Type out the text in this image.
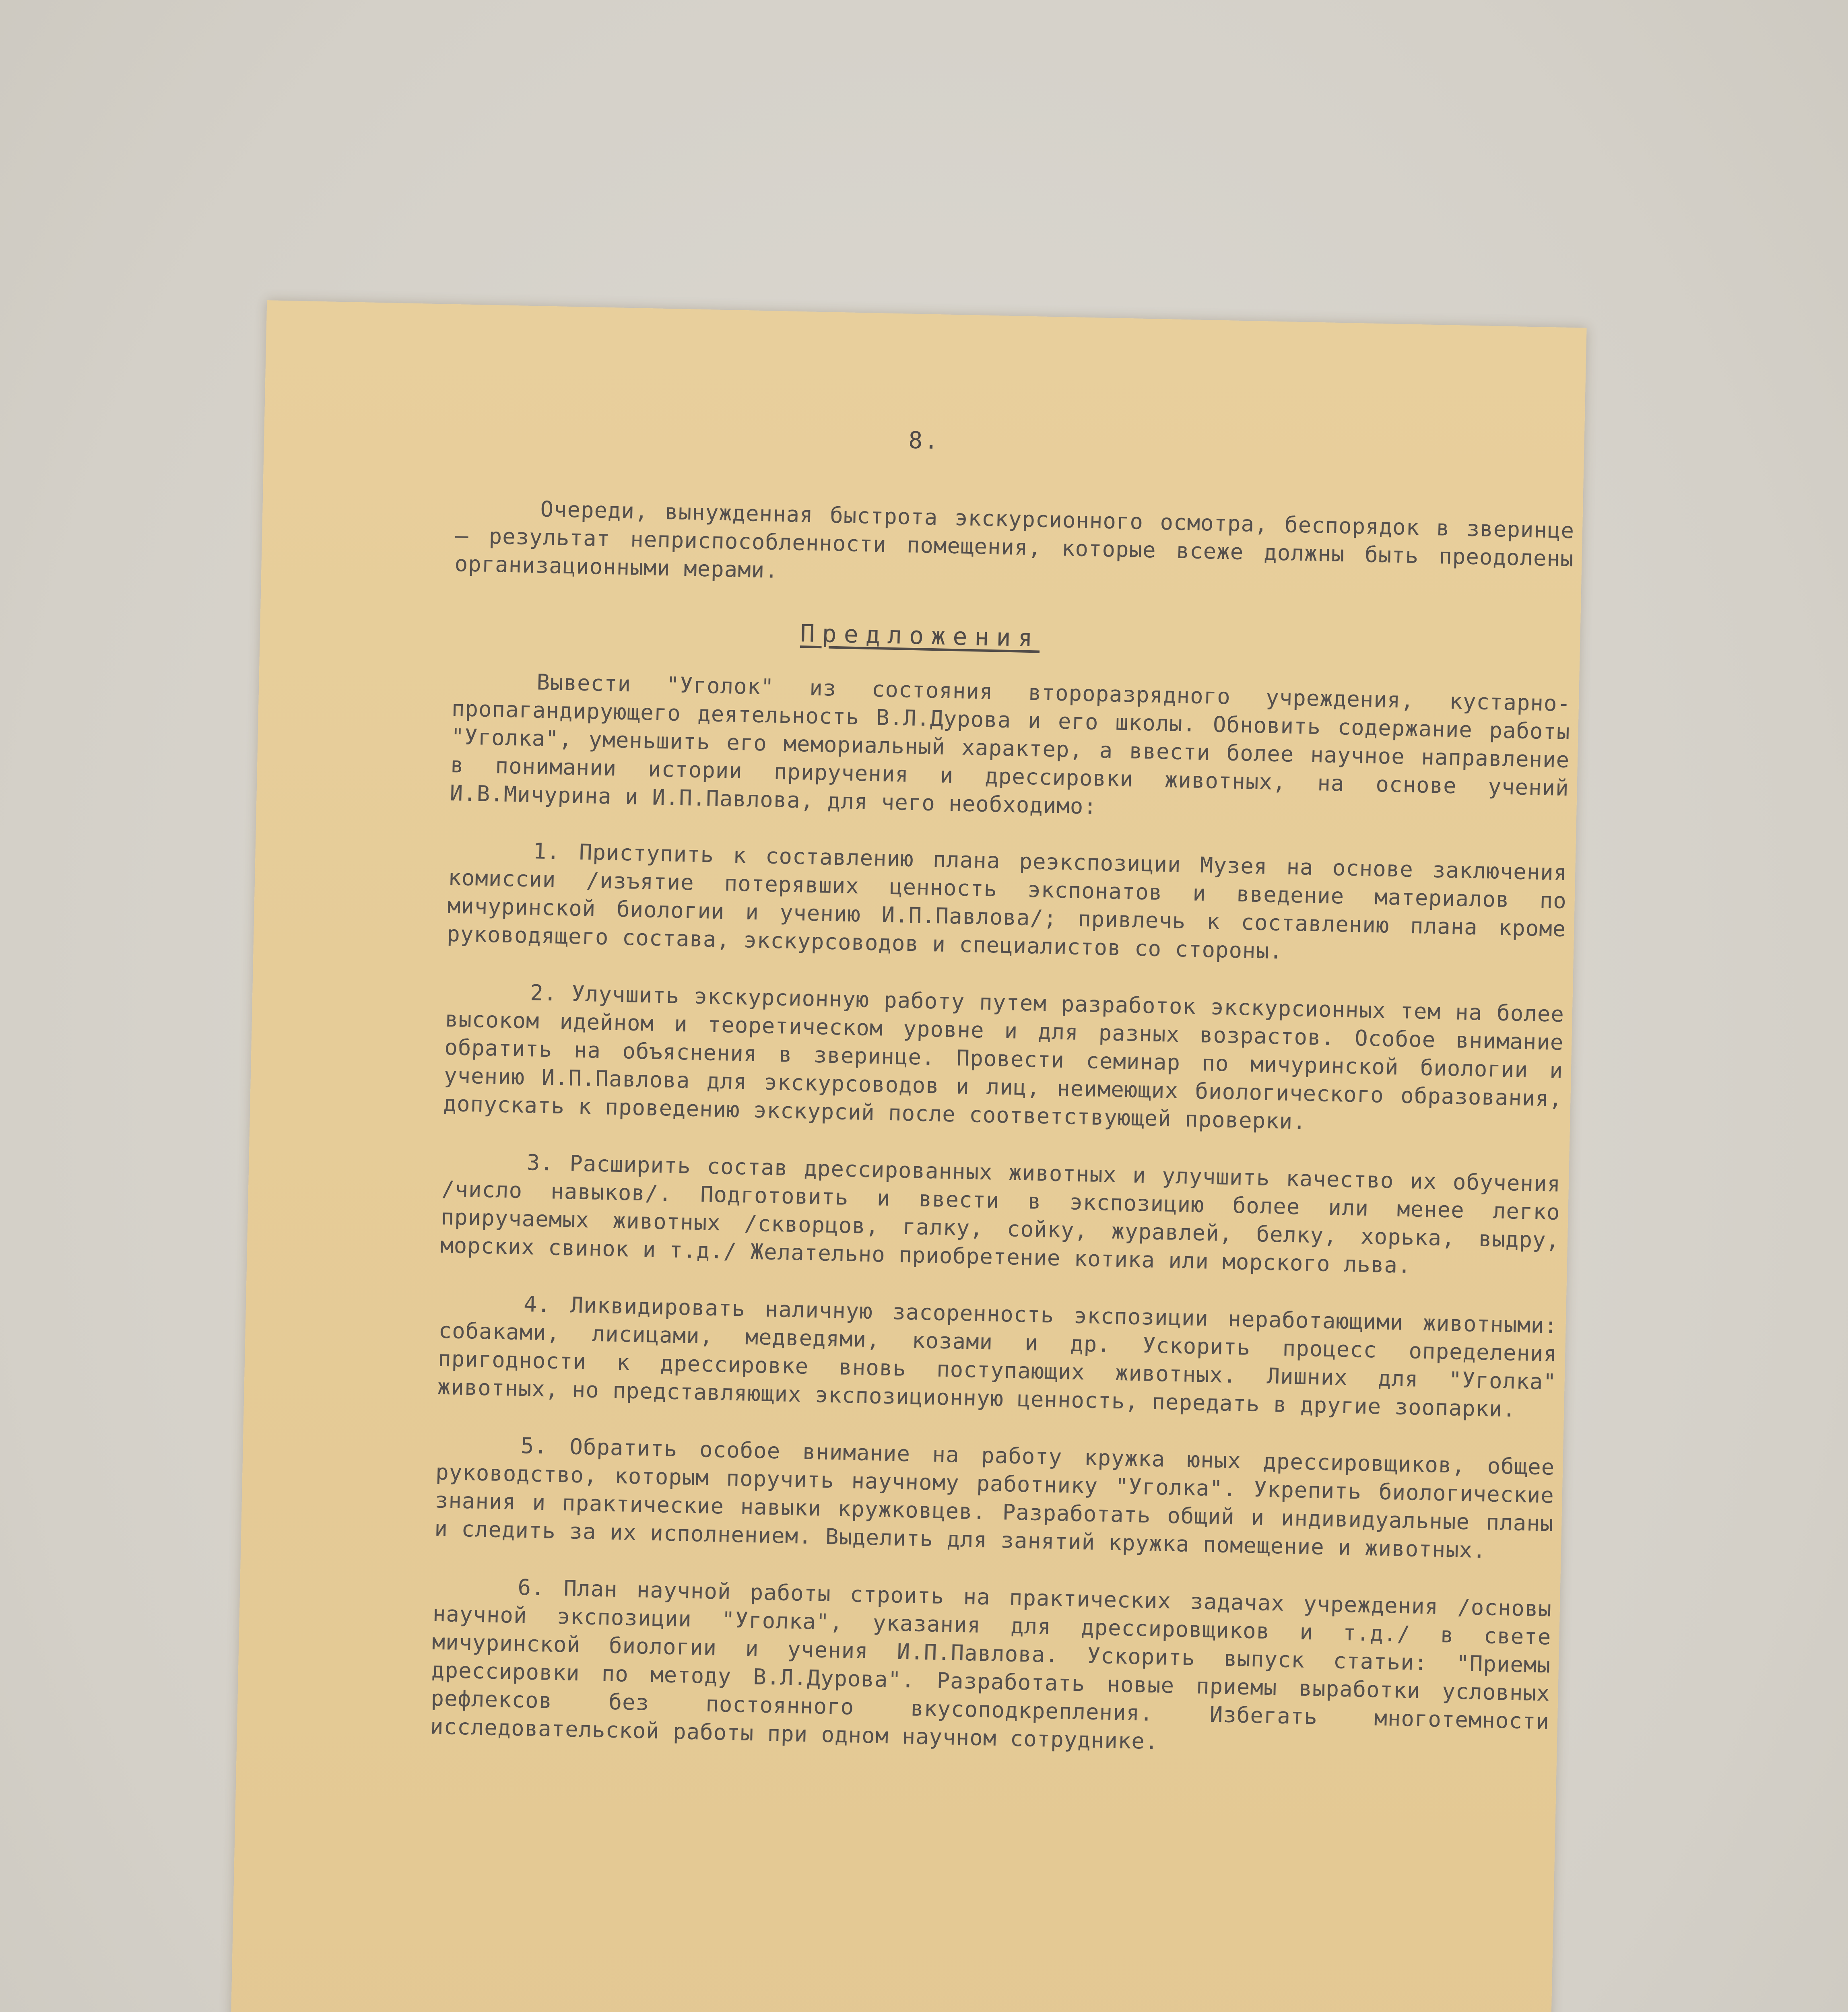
8.
Очереди, вынужденная быстрота экскурсионного осмотра, беспорядок в зверинце – результат неприспособленности помещения, которые всеже должны быть преодолены организационными мерами.
Предложения
Вывести "Уголок" из состояния второразрядного учреждения, кустарно-пропагандирующего деятельность В.Л.Дурова и его школы. Обновить содержание работы "Уголка", уменьшить его мемориальный характер, а ввести более научное направление в понимании истории приручения и дрессировки животных, на основе учений И.В.Мичурина и И.П.Павлова, для чего необходимо:

1. Приступить к составлению плана реэкспозиции Музея на основе заключения комиссии /изъятие потерявших ценность экспонатов и введение материалов по мичуринской биологии и учению И.П.Павлова/; привлечь к составлению плана кроме руководящего состава, экскурсоводов и специалистов со стороны.

2. Улучшить экскурсионную работу путем разработок экскурсионных тем на более высоком идейном и теоретическом уровне и для разных возрастов. Особое внимание обратить на объяснения в зверинце. Провести семинар по мичуринской биологии и учению И.П.Павлова для экскурсоводов и лиц, неимеющих биологического образования, допускать к проведению экскурсий после соответствующей проверки.

3. Расширить состав дрессированных животных и улучшить качество их обучения /число навыков/. Подготовить и ввести в экспозицию более или менее легко приручаемых животных /скворцов, галку, сойку, журавлей, белку, хорька, выдру, морских свинок и т.д./ Желательно приобретение котика или морского льва.

4. Ликвидировать наличную засоренность экспозиции неработающими животными: собаками, лисицами, медведями, козами и др. Ускорить процесс определения пригодности к дрессировке вновь поступающих животных. Лишних для "Уголка" животных, но представляющих экспозиционную ценность, передать в другие зоопарки.

5. Обратить особое внимание на работу кружка юных дрессировщиков, общее руководство, которым поручить научному работнику "Уголка". Укрепить биологические знания и практические навыки кружковцев. Разработать общий и индивидуальные планы и следить за их исполнением. Выделить для занятий кружка помещение и животных.

6. План научной работы строить на практических задачах учреждения /основы научной экспозиции "Уголка", указания для дрессировщиков и т.д./ в свете мичуринской биологии и учения И.П.Павлова. Ускорить выпуск статьи: "Приемы дрессировки по методу В.Л.Дурова". Разработать новые приемы выработки условных рефлексов без постоянного вкусоподкрепления. Избегать многотемности исследовательской работы при одном научном сотруднике.
